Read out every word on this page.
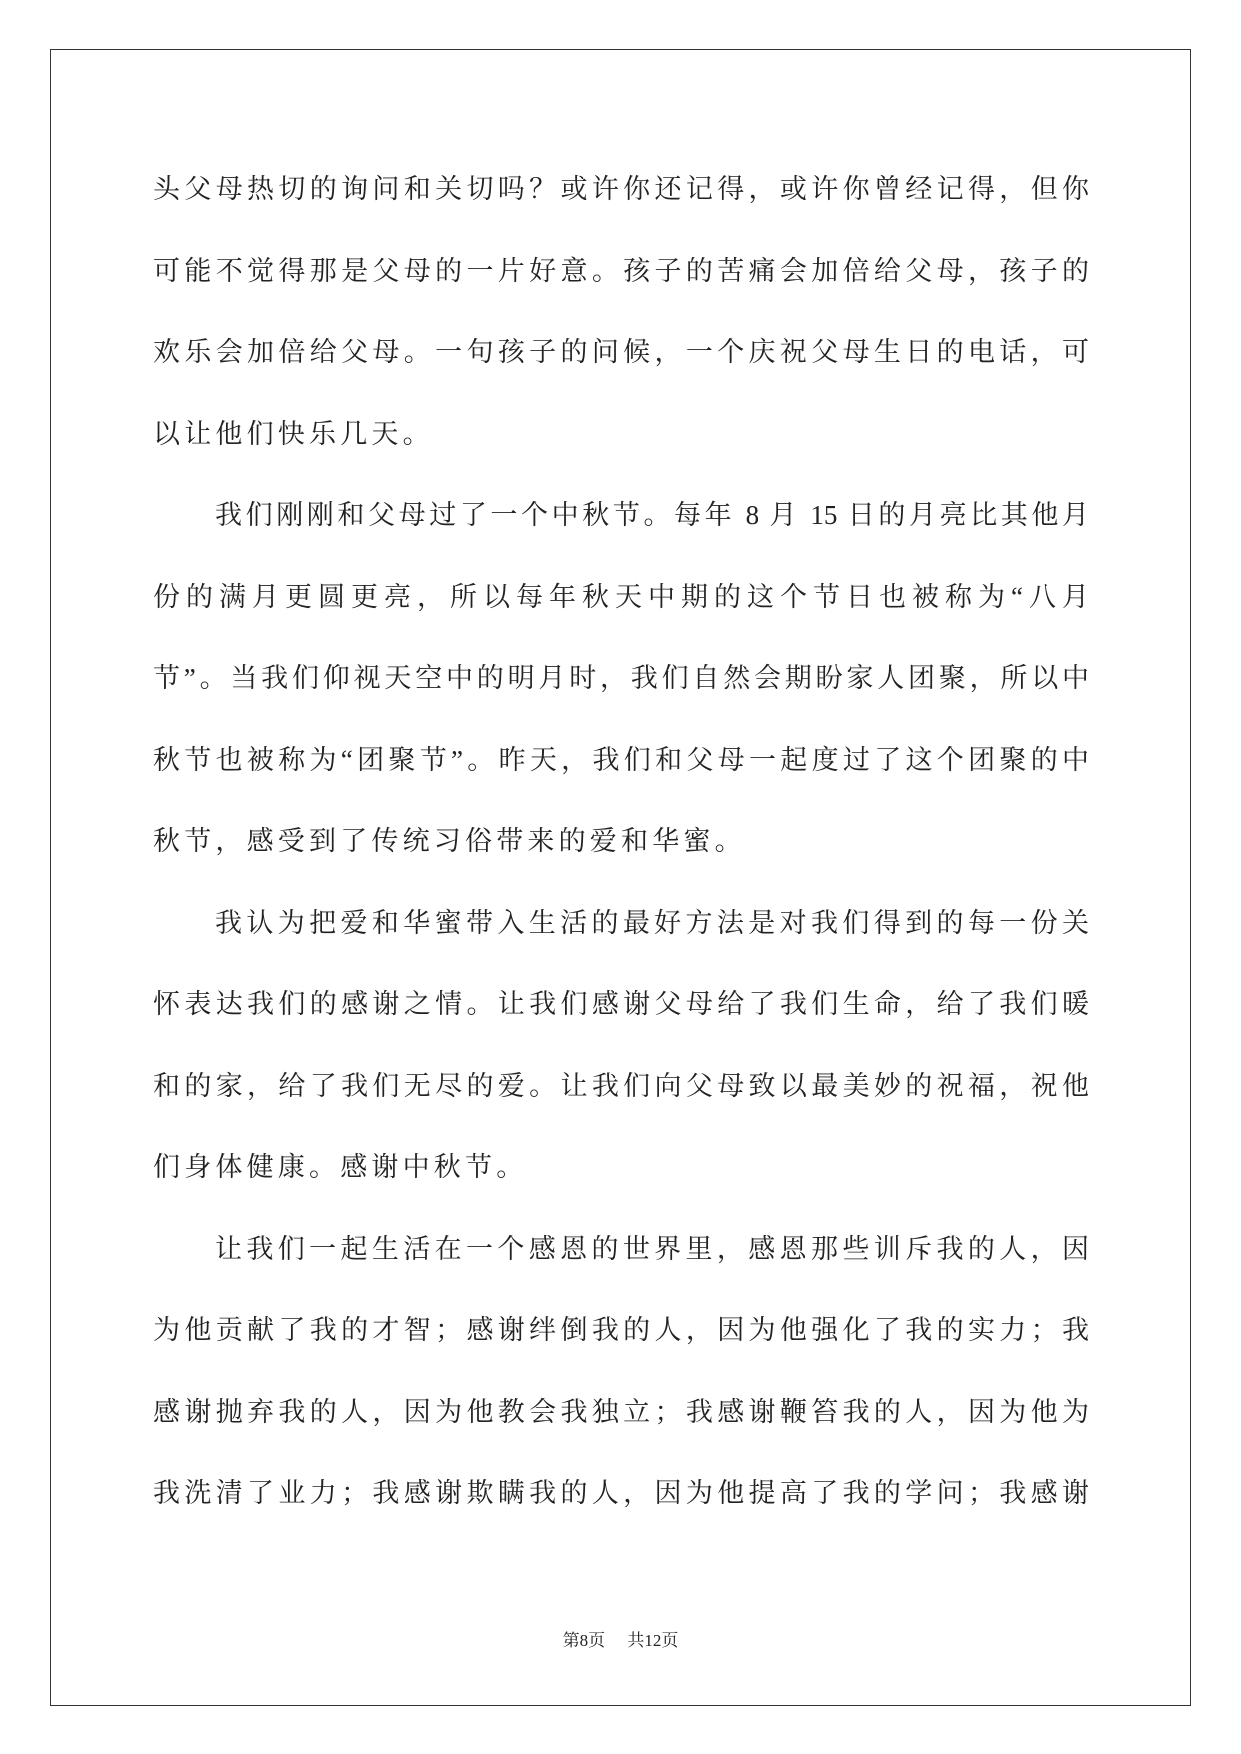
头父母热切的询问和关切吗？或许你还记得，或许你曾经记得，但你
可能不觉得那是父母的一片好意。孩子的苦痛会加倍给父母，孩子的
欢乐会加倍给父母。一句孩子的问候，一个庆祝父母生日的电话，可
以让他们快乐几天。
我们刚刚和父母过了一个中秋节。每年 8 月 15 日的月亮比其他月
份的满月更圆更亮，所以每年秋天中期的这个节日也被称为“八月
节”。当我们仰视天空中的明月时，我们自然会期盼家人团聚，所以中
秋节也被称为“团聚节”。昨天，我们和父母一起度过了这个团聚的中
秋节，感受到了传统习俗带来的爱和华蜜。
我认为把爱和华蜜带入生活的最好方法是对我们得到的每一份关
怀表达我们的感谢之情。让我们感谢父母给了我们生命，给了我们暖
和的家，给了我们无尽的爱。让我们向父母致以最美妙的祝福，祝他
们身体健康。感谢中秋节。
让我们一起生活在一个感恩的世界里，感恩那些训斥我的人，因
为他贡献了我的才智；感谢绊倒我的人，因为他强化了我的实力；我
感谢抛弃我的人，因为他教会我独立；我感谢鞭笞我的人，因为他为
我洗清了业力；我感谢欺瞒我的人，因为他提高了我的学问；我感谢
第8页 共12页
